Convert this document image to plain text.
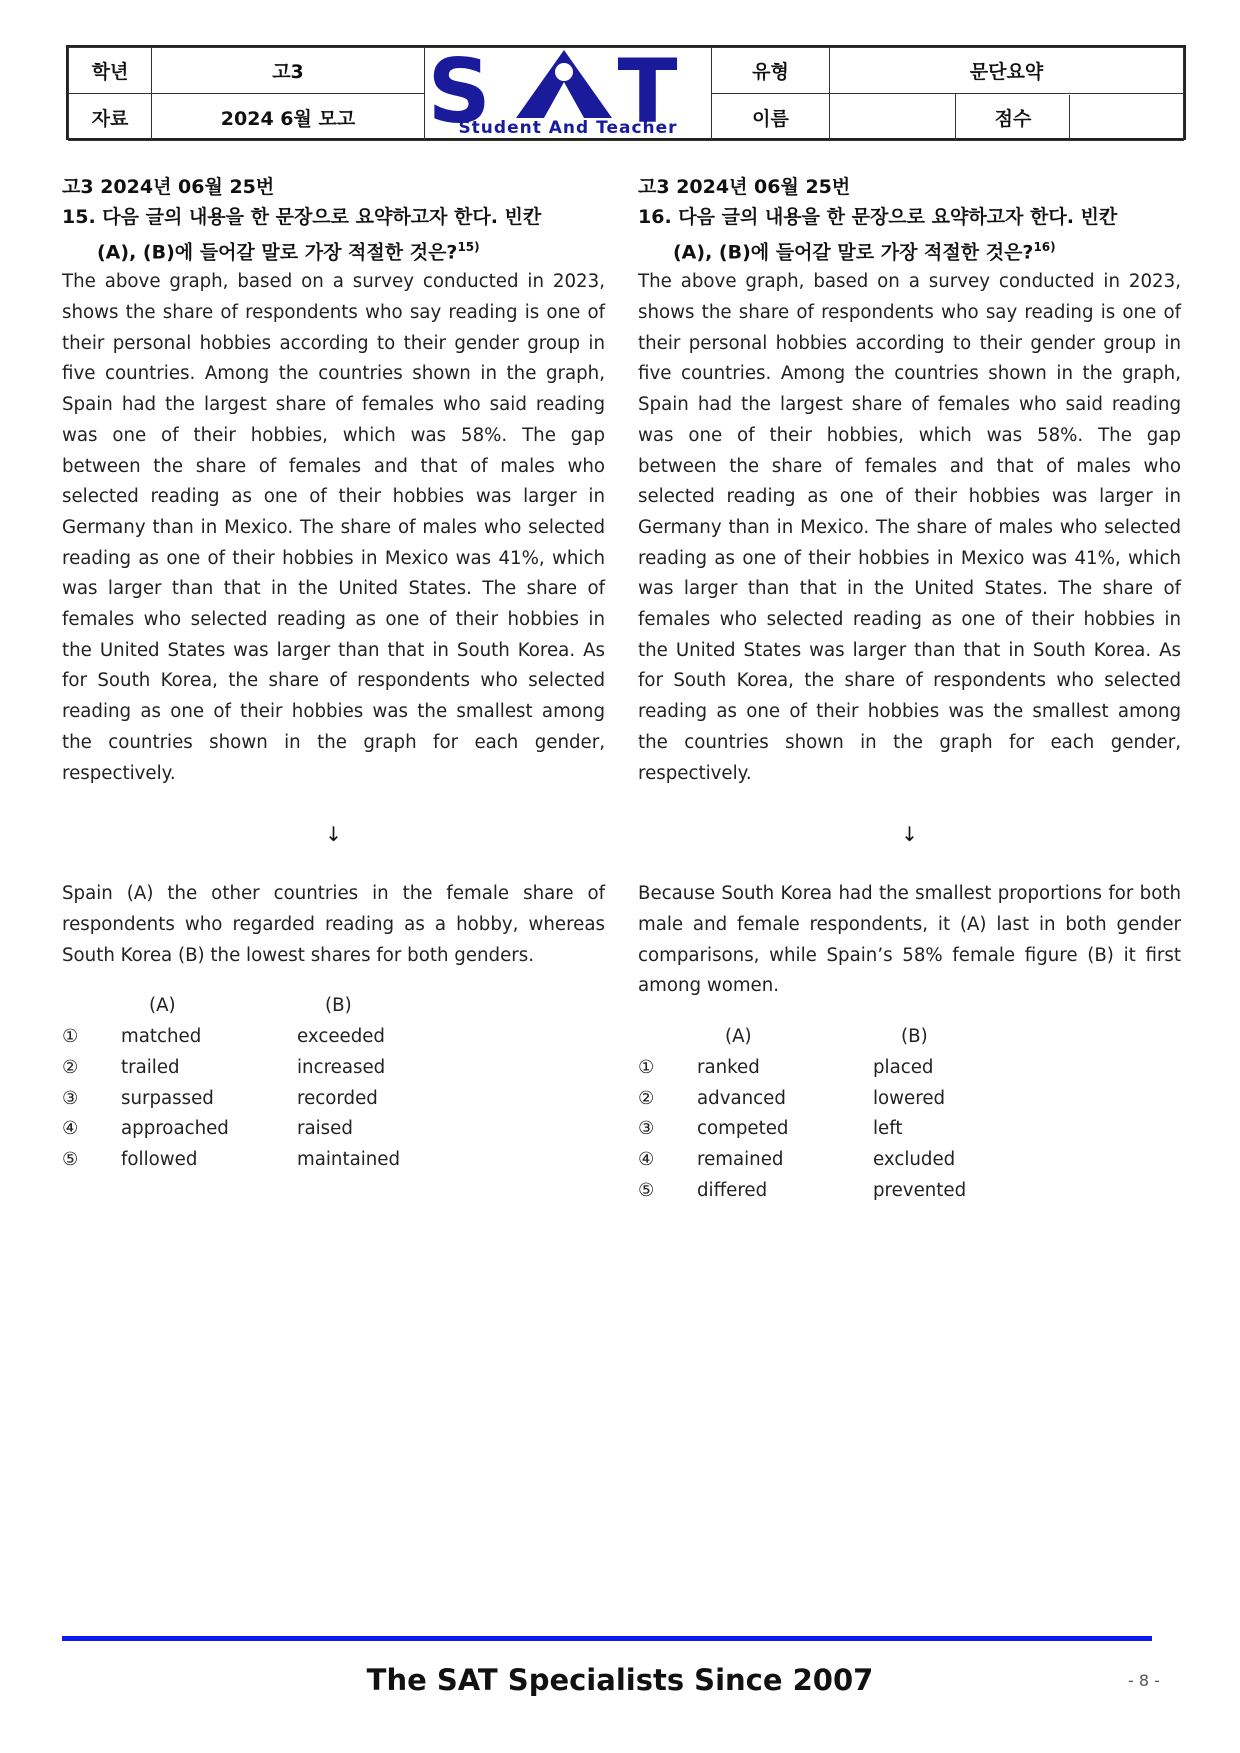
학년	고3	S T
Student And Teacher
	유형	문단요약
자료	2024 6월 모고	이름			점수	

고3 2024년 06월 25번

15. 다음 글의 내용을 한 문장으로 요약하고자 한다. 빈칸
(A), (B)에 들어갈 말로 가장 적절한 것은?$^{15)}$

The above graph, based on a survey conducted in 2023, shows the share of respondents who say reading is one of their personal hobbies according to their gender group in five countries. Among the countries shown in the graph, Spain had the largest share of females who said reading was one of their hobbies, which was 58%. The gap between the share of females and that of males who selected reading as one of their hobbies was larger in Germany than in Mexico. The share of males who selected reading as one of their hobbies in Mexico was 41%, which was larger than that in the United States. The share of females who selected reading as one of their hobbies in the United States was larger than that in South Korea. As for South Korea, the share of respondents who selected reading as one of their hobbies was the smallest among the countries shown in the graph for each gender, respectively.

↓

Spain (A) the other countries in the female share of respondents who regarded reading as a hobby, whereas South Korea (B) the lowest shares for both genders.

(A)	(B)
① matched	exceeded
② trailed	increased
③ surpassed	recorded
④ approached	raised
⑤ followed	maintained

고3 2024년 06월 25번

16. 다음 글의 내용을 한 문장으로 요약하고자 한다. 빈칸
(A), (B)에 들어갈 말로 가장 적절한 것은?$^{16)}$

The above graph, based on a survey conducted in 2023, shows the share of respondents who say reading is one of their personal hobbies according to their gender group in five countries. Among the countries shown in the graph, Spain had the largest share of females who said reading was one of their hobbies, which was 58%. The gap between the share of females and that of males who selected reading as one of their hobbies was larger in Germany than in Mexico. The share of males who selected reading as one of their hobbies in Mexico was 41%, which was larger than that in the United States. The share of females who selected reading as one of their hobbies in the United States was larger than that in South Korea. As for South Korea, the share of respondents who selected reading as one of their hobbies was the smallest among the countries shown in the graph for each gender, respectively.

↓

Because South Korea had the smallest proportions for both male and female respondents, it (A) last in both gender comparisons, while Spain’s 58% female figure (B) it first among women.

(A)	(B)
① ranked	placed
② advanced	lowered
③ competed	left
④ remained	excluded
⑤ differed	prevented
The SAT Specialists Since 2007	- 8 -
